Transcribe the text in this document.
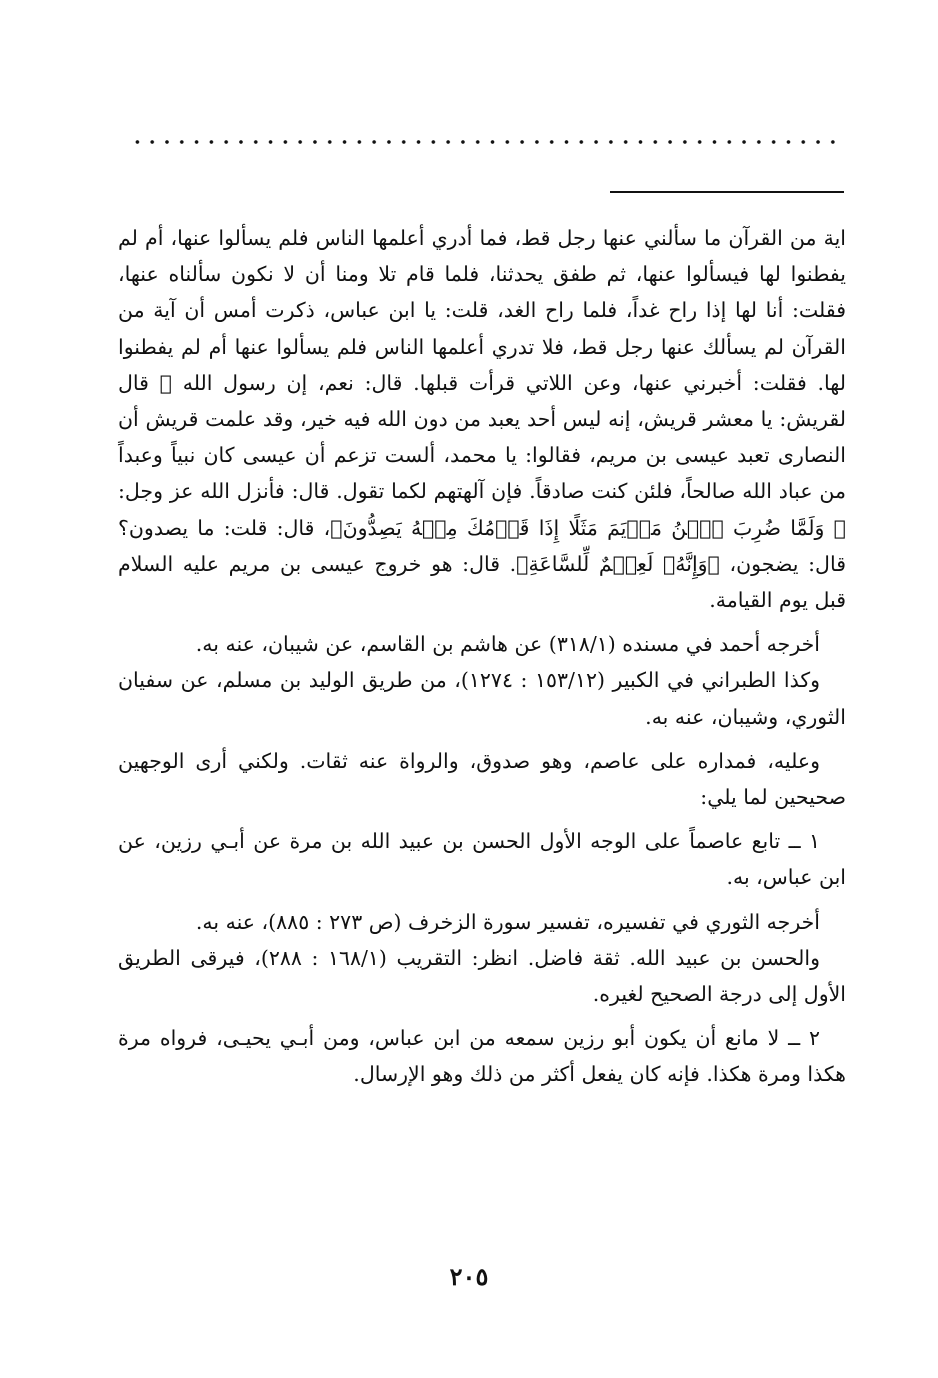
اية من القرآن ما سألني عنها رجل قط، فما أدري أعلمها الناس فلم يسألوا عنها، أم لم يفطنوا لها فيسألوا عنها، ثم طفق يحدثنا، فلما قام تلا ومنا أن لا نكون سألناه عنها، فقلت: أنا لها إذا راح غداً، فلما راح الغد، قلت: يا ابن عباس، ذكرت أمس أن آية من القرآن لم يسألك عنها رجل قط، فلا تدري أعلمها الناس فلم يسألوا عنها أم لم يفطنوا لها. فقلت: أخبرني عنها، وعن اللاتي قرأت قبلها. قال: نعم، إن رسول الله ﷺ قال لقريش: يا معشر قريش، إنه ليس أحد يعبد من دون الله فيه خير، وقد علمت قريش أن النصارى تعبد عيسى بن مريم، فقالوا: يا محمد، ألست تزعم أن عيسى كان نبياً وعبداً من عباد الله صالحاً، فلئن كنت صادقاً. فإن آلهتهم لكما تقول. قال: فأنزل الله عز وجل: ﴿ وَلَمَّا ضُرِبَ ٱبۡنُ مَرۡيَمَ مَثَلًا إِذَا قَوۡمُكَ مِنۡهُ يَصِدُّونَ﴾، قال: قلت: ما يصدون؟ قال: يضجون، ﴿وَإِنَّهُۥ لَعِلۡمٌ لِّلسَّاعَةِ﴾. قال: هو خروج عيسى بن مريم عليه السلام قبل يوم القيامة.

أخرجه أحمد في مسنده (٣١٨/١) عن هاشم بن القاسم، عن شيبان، عنه به.

وكذا الطبراني في الكبير (١٥٣/١٢ : ١٢٧٤)، من طريق الوليد بن مسلم، عن سفيان الثوري، وشيبان، عنه به.

وعليه، فمداره على عاصم، وهو صدوق، والرواة عنه ثقات. ولكني أرى الوجهين صحيحين لما يلي:

١ ــ تابع عاصماً على الوجه الأول الحسن بن عبيد الله بن مرة عن أبـي رزين، عن ابن عباس، به.

أخرجه الثوري في تفسيره، تفسير سورة الزخرف (ص ٢٧٣ : ٨٨٥)، عنه به.

والحسن بن عبيد الله. ثقة فاضل. انظر: التقريب (١٦٨/١ : ٢٨٨)، فيرقى الطريق الأول إلى درجة الصحيح لغيره.

٢ ــ لا مانع أن يكون أبو رزين سمعه من ابن عباس، ومن أبـي يحيـى، فرواه مرة هكذا ومرة هكذا. فإنه كان يفعل أكثر من ذلك وهو الإرسال.

٢٠٥
